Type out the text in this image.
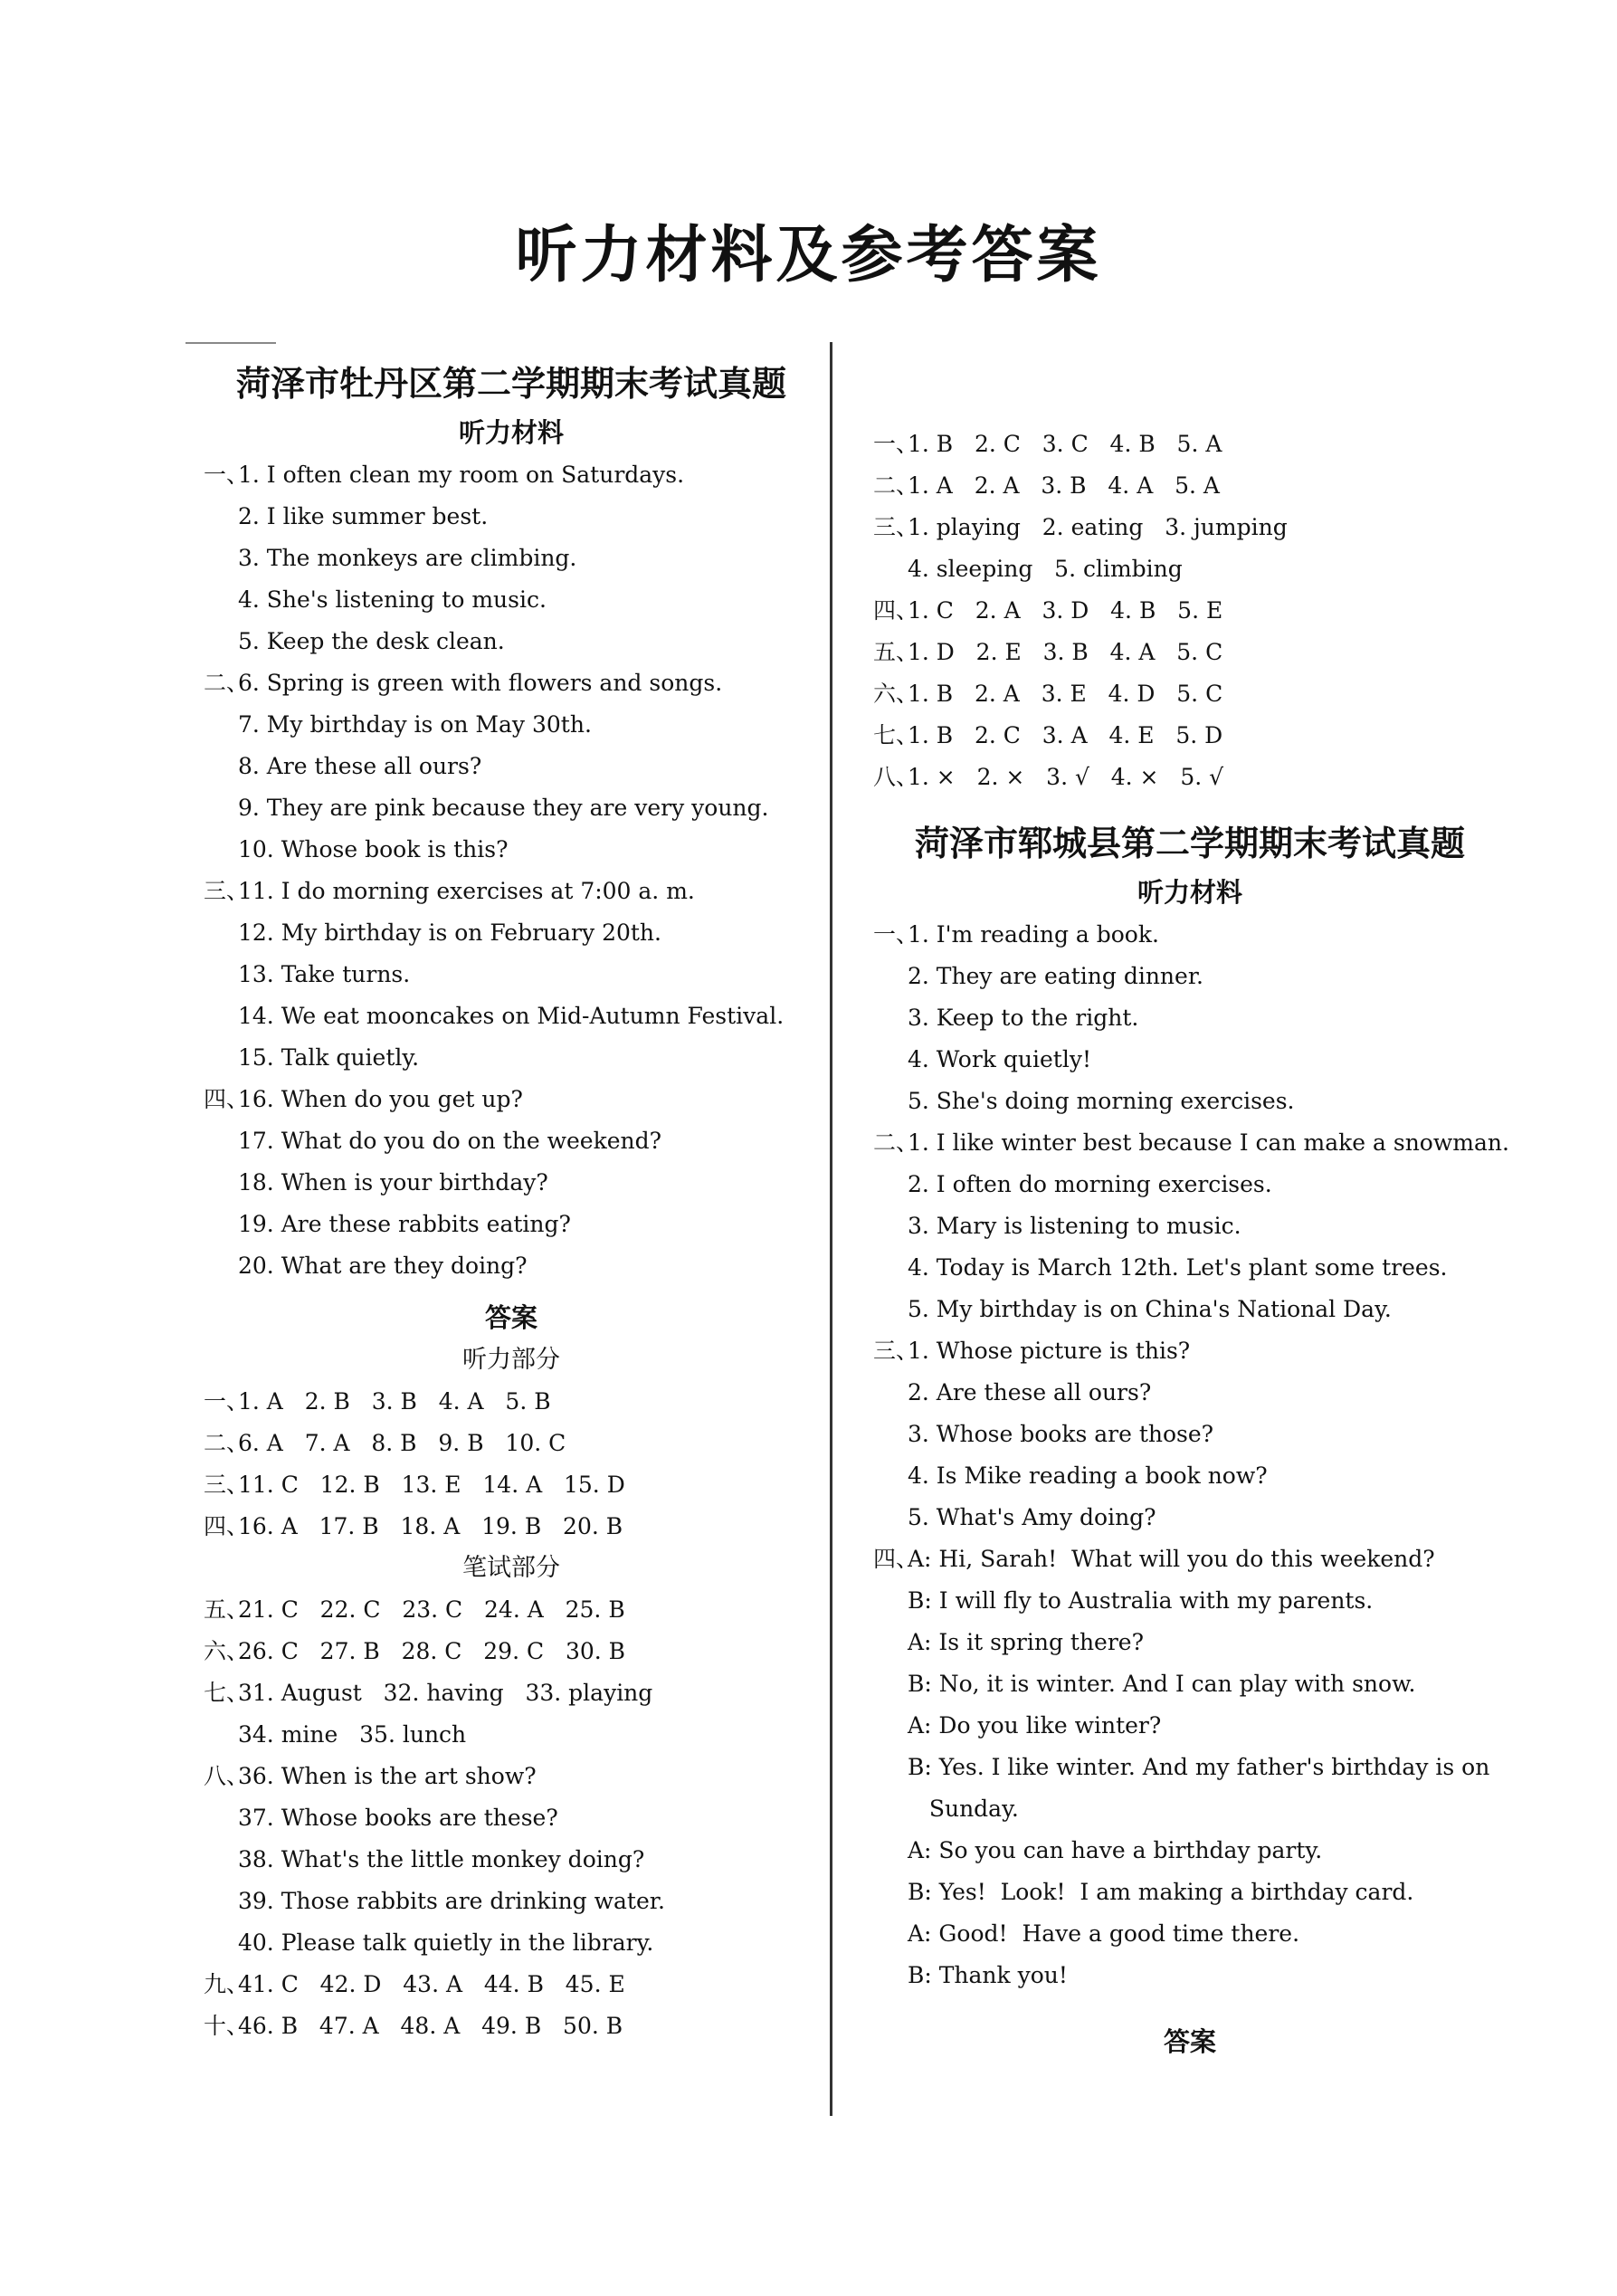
听力材料及参考答案
菏泽市牡丹区第二学期期末考试真题
听力材料
一、
1. I often clean my room on Saturdays.
2. I like summer best.
3. The monkeys are climbing.
4. She's listening to music.
5. Keep the desk clean.
二、
6. Spring is green with flowers and songs.
7. My birthday is on May 30th.
8. Are these all ours?
9. They are pink because they are very young.
10. Whose book is this?
三、
11. I do morning exercises at 7:00 a. m.
12. My birthday is on February 20th.
13. Take turns.
14. We eat mooncakes on Mid-Autumn Festival.
15. Talk quietly.
四、
16. When do you get up?
17. What do you do on the weekend?
18. When is your birthday?
19. Are these rabbits eating?
20. What are they doing?
答案
听力部分
一、
1. A   2. B   3. B   4. A   5. B
二、
6. A   7. A   8. B   9. B   10. C
三、
11. C   12. B   13. E   14. A   15. D
四、
16. A   17. B   18. A   19. B   20. B
笔试部分
五、
21. C   22. C   23. C   24. A   25. B
六、
26. C   27. B   28. C   29. C   30. B
七、
31. August   32. having   33. playing
34. mine   35. lunch
八、
36. When is the art show?
37. Whose books are these?
38. What's the little monkey doing?
39. Those rabbits are drinking water.
40. Please talk quietly in the library.
九、
41. C   42. D   43. A   44. B   45. E
十、
46. B   47. A   48. A   49. B   50. B
一、
1. B   2. C   3. C   4. B   5. A
二、
1. A   2. A   3. B   4. A   5. A
三、
1. playing   2. eating   3. jumping
4. sleeping   5. climbing
四、
1. C   2. A   3. D   4. B   5. E
五、
1. D   2. E   3. B   4. A   5. C
六、
1. B   2. A   3. E   4. D   5. C
七、
1. B   2. C   3. A   4. E   5. D
八、
1. ×   2. ×   3. √   4. ×   5. √
菏泽市郓城县第二学期期末考试真题
听力材料
一、
1. I'm reading a book.
2. They are eating dinner.
3. Keep to the right.
4. Work quietly!
5. She's doing morning exercises.
二、
1. I like winter best because I can make a snowman.
2. I often do morning exercises.
3. Mary is listening to music.
4. Today is March 12th. Let's plant some trees.
5. My birthday is on China's National Day.
三、
1. Whose picture is this?
2. Are these all ours?
3. Whose books are those?
4. Is Mike reading a book now?
5. What's Amy doing?
四、
A: Hi, Sarah!  What will you do this weekend?
B: I will fly to Australia with my parents.
A: Is it spring there?
B: No, it is winter. And I can play with snow.
A: Do you like winter?
B: Yes. I like winter. And my father's birthday is on
Sunday.
A: So you can have a birthday party.
B: Yes!  Look!  I am making a birthday card.
A: Good!  Have a good time there.
B: Thank you!
答案
